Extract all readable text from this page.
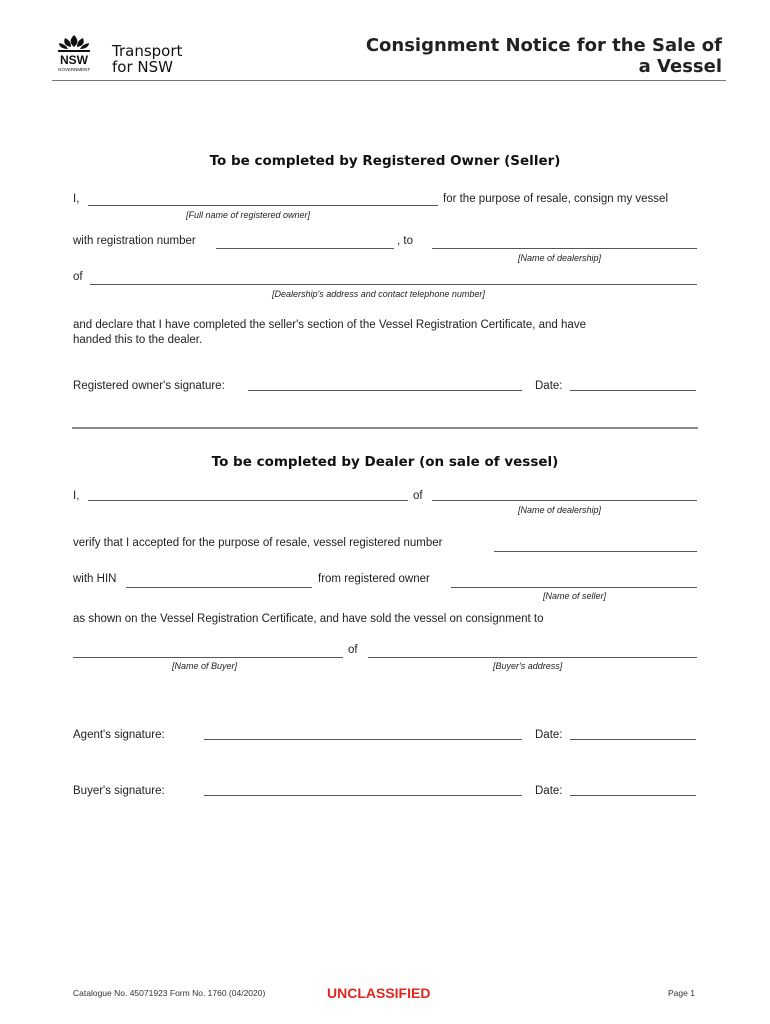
NSW
GOVERNMENT
Transport
for NSW
Consignment Notice for the Sale of
a Vessel
To be completed by Registered Owner (Seller)
I,	for the purpose of resale, consign my vessel
[Full name of registered owner]
with registration number	, to
[Name of dealership]
of
[Dealership's address and contact telephone number]
and declare that I have completed the seller's section of the Vessel Registration Certificate, and have
handed this to the dealer.
Registered owner's signature:	Date:
To be completed by Dealer (on sale of vessel)
I,	of
[Name of dealership]
verify that I accepted for the purpose of resale, vessel registered number
with HIN	from registered owner
[Name of seller]
as shown on the Vessel Registration Certificate, and have sold the vessel on consignment to
of
[Name of Buyer]	[Buyer's address]
Agent's signature:	Date:
Buyer's signature:	Date:
Catalogue No. 45071923 Form No. 1760 (04/2020)	UNCLASSIFIED	Page 1
